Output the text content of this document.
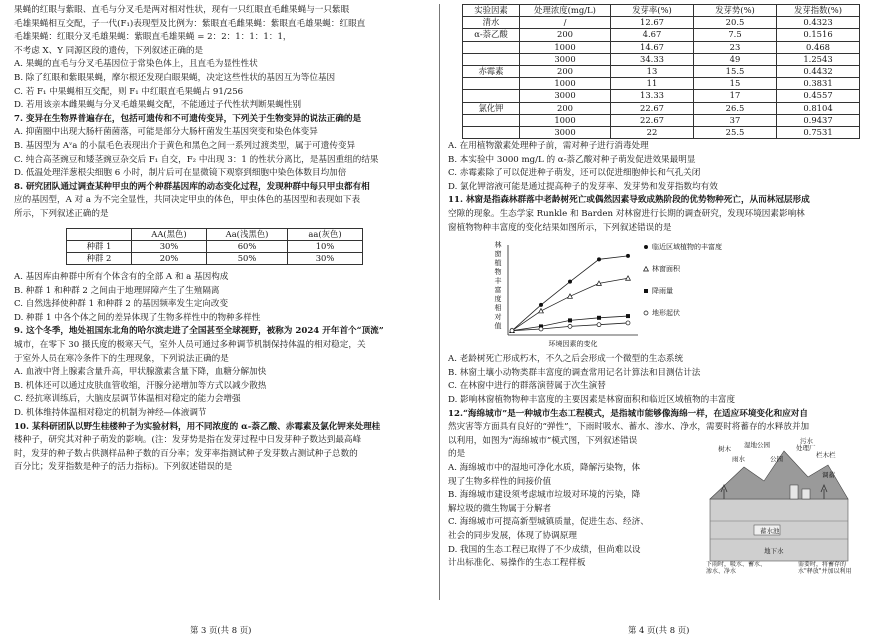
果蝇的红眼与紫眼、直毛与分叉毛是两对相对性状，现有一只红眼直毛雌果蝇与一只紫眼

毛雄果蝇相互交配，子一代(F₁)表现型及比例为：紫眼直毛雌果蝇：紫眼直毛雄果蝇：红眼直

毛雄果蝇：红眼分叉毛雄果蝇：紫眼直毛雄果蝇 = 2：2：1：1：1：1，

不考虑 X、Y 同源区段的遗传，下列叙述正确的是

A. 果蝇的直毛与分叉毛基因位于常染色体上，且直毛为显性性状

B. 除了红眼和紫眼果蝇，摩尔根还发现白眼果蝇，决定这些性状的基因互为等位基因

C. 若 F₁ 中果蝇相互交配，则 F₁ 中红眼直毛果蝇占 91/256

D. 若用该亲本雌果蝇与分叉毛雄果蝇交配，不能通过子代性状判断果蝇性别

7. 变异在生物界普遍存在，包括可遗传和不可遗传变异，下列关于生物变异的说法正确的是

A. 抑菌圈中出现大肠杆菌菌落，可能是部分大肠杆菌发生基因突变和染色体变异

B. 基因型为 Aᵛa 的小鼠毛色表现出介于黄色和黑色之间一系列过渡类型，属于可遗传变异

C. 纯合高茎豌豆和矮茎豌豆杂交后 F₁ 自交，F₂ 中出现 3：1 的性状分离比，是基因重组的结果

D. 低温处理洋葱根尖细胞 6 小时，制片后可在显微镜下观察到细胞中染色体数目均加倍

8. 研究团队通过调查某种甲虫的两个种群基因库的动态变化过程，发现种群中每只甲虫都有相

应的基因型，A 对 a 为不完全显性，共同决定甲虫的体色，甲虫体色的基因型和表现如下表

所示，下列叙述正确的是

	AA(黑色)	Aa(浅黑色)	aa(灰色)
种群 1	30%	60%	10%
种群 2	20%	50%	30%

A. 基因库由种群中所有个体含有的全部 A 和 a 基因构成

B. 种群 1 和种群 2 之间由于地理屏障产生了生殖隔离

C. 自然选择使种群 1 和种群 2 的基因频率发生定向改变

D. 种群 1 中各个体之间的差异体现了生物多样性中的物种多样性

9. 这个冬季，地处祖国东北角的哈尔滨走进了全国甚至全球视野，被称为 2024 开年首个“顶流”

城市，在零下 30 摄氏度的极寒天气，室外人员可通过多种调节机制保持体温的相对稳定，关

于室外人员在寒冷条件下的生理现象，下列说法正确的是

A. 血液中肾上腺素含量升高，甲状腺激素含量下降，血糖分解加快

B. 机体还可以通过皮肤血管收缩，汗腺分泌增加等方式以减少散热

C. 经抗寒训练后，大脑皮层调节体温相对稳定的能力会增强

D. 机体维持体温相对稳定的机制为神经—体液调节

10. 某科研团队以野生桂楼种子为实验材料，用不同浓度的 α-萘乙酸、赤霉素及氯化钾来处理桂

楼种子，研究其对种子萌发的影响。(注：发芽势是指在发芽过程中日发芽种子数达到最高峰

时，发芽的种子数占供测样品种子数的百分率；发芽率指测试种子发芽数占测试种子总数的

百分比；发芽指数是种子的活力指标)。下列叙述错误的是

第 3 页(共 8 页)
实验因素	处理浓度(mg/L)	发芽率(%)	发芽势(%)	发芽指数(%)
清水	/	12.67	20.5	0.4323
α-萘乙酸	200	4.67	7.5	0.1516
	1000	14.67	23	0.468
	3000	34.33	49	1.2543
赤霉素	200	13	15.5	0.4432
	1000	11	15	0.3831
	3000	13.33	17	0.4557
氯化钾	200	22.67	26.5	0.8104
	1000	22.67	37	0.9437
	3000	22	25.5	0.7531

A. 在用植物激素处理种子前，需对种子进行消毒处理

B. 本实验中 3000 mg/L 的 α-萘乙酸对种子萌发促进效果最明显

C. 赤霉素除了可以促进种子萌发，还可以促进细胞伸长和气孔关闭

D. 氯化钾溶液可能是通过提高种子的发芽率、发芽势和发芽指数均有效

11. 林窗是指森林群落中老龄树死亡或偶然因素导致成熟阶段的优势物种死亡，从而林冠层形成

空隙的现象。生态学家 Runkle 和 Barden 对林窗进行长期的调查研究，发现环境因素影响林

窗植物物种丰富度的变化结果如图所示，下列叙述错误的是

林
窗
植
物
丰
富
度
相
对
值
环境因素的变化
临近区域植物的丰富度
林窗面积
降雨量
地形起伏

A. 老龄树死亡形成朽木，不久之后会形成一个微型的生态系统

B. 林窗土壤小动物类群丰富度的调查常用记名计算法和目测估计法

C. 在林窗中进行的群落演替属于次生演替

D. 影响林窗植物物种丰富度的主要因素是林窗面积和临近区域植物的丰富度

12.“海绵城市”是一种城市生态工程模式，是指城市能够像海绵一样，在适应环境变化和应对自

然灾害等方面具有良好的“弹性”，下雨时吸水、蓄水、渗水、净水，需要时将蓄存的水释放并加

以利用，如图为“海绵城市”模式图，下列叙述错误

的是

A. 海绵城市中的湿地可净化水质，降解污染物，体

现了生物多样性的间接价值

B. 海绵城市建设须考虑城市垃圾对环境的污染，降

解垃圾的微生物属于分解者

C. 海绵城市可提高新型城镇质量，促进生态、经济、

社会的同步发展，体现了协调原理

D. 我国的生态工程已取得了不少成绩，但尚难以设

计出标准化、易操作的生态工程样板

树木 湿地公园	污水
处理厂
栏木栏
蓄水池
地下水
雨水	公园
调蓄
下雨时，吸水、蓄水、渗水、净水
需要时，将蓄存的水"释放"并加以利用
第 4 页(共 8 页)
